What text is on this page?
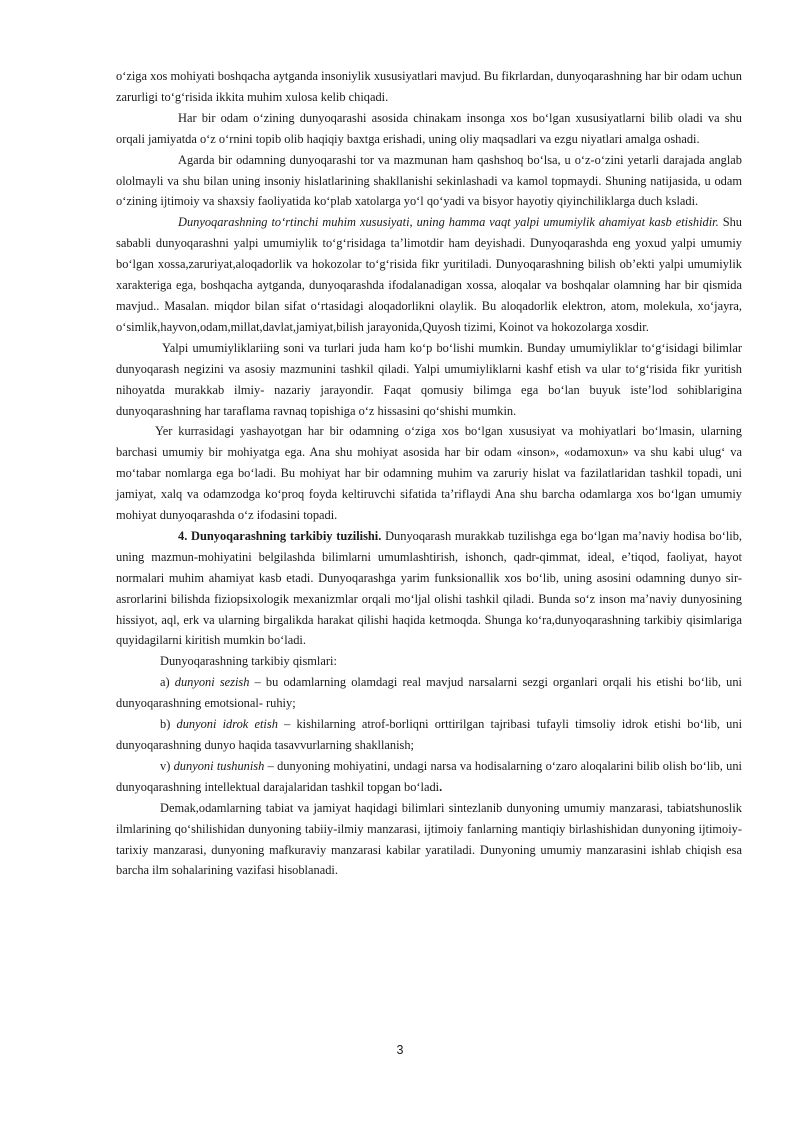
o‘ziga xos mohiyati boshqacha aytganda insoniylik xususiyatlari mavjud. Bu fikrlardan, dunyoqarashning har bir odam uchun zarurligi to‘g‘risida ikkita muhim xulosa kelib chiqadi.

Har bir odam o‘zining dunyoqarashi asosida chinakam insonga xos bo‘lgan xususiyatlarni bilib oladi va shu orqali jamiyatda o‘z o‘rnini topib olib haqiqiy baxtga erishadi, uning oliy maqsadlari va ezgu niyatlari amalga oshadi.

Agarda bir odamning dunyoqarashi tor va mazmunan ham qashshoq bo‘lsa, u o‘z-o‘zini yetarli darajada anglab ololmayli va shu bilan uning insoniy hislatlarining shakllanishi sekinlashadi va kamol topmaydi. Shuning natijasida, u odam o‘zining ijtimoiy va shaxsiy faoliyatida ko‘plab xatolarga yo‘l qo‘yadi va bisyor hayotiy qiyinchiliklarga duch ksladi.

Dunyoqarashning to‘rtinchi muhim xususiyati, uning hamma vaqt yalpi umumiylik ahamiyat kasb etishidir. Shu sababli dunyoqarashni yalpi umumiylik to‘g‘risidaga ta’limotdir ham deyishadi. Dunyoqarashda eng yoxud yalpi umumiy bo‘lgan xossa,zaruriyat,aloqadorlik va hokozolar to‘g‘risida fikr yuritiladi. Dunyoqarashning bilish ob’ekti yalpi umumiylik xarakteriga ega, boshqacha aytganda, dunyoqarashda ifodalanadigan xossa, aloqalar va boshqalar olamning har bir qismida mavjud.. Masalan. miqdor bilan sifat o‘rtasidagi aloqadorlikni olaylik. Bu aloqadorlik elektron, atom, molekula, xo‘jayra, o‘simlik,hayvon,odam,millat,davlat,jamiyat,bilish jarayonida,Quyosh tizimi, Koinot va hokozolarga xosdir.

Yalpi umumiyliklariing soni va turlari juda ham ko‘p bo‘lishi mumkin. Bunday umumiyliklar to‘g‘isidagi bilimlar dunyoqarash negizini va asosiy mazmunini tashkil qiladi. Yalpi umumiyliklarni kashf etish va ular to‘g‘risida fikr yuritish nihoyatda murakkab ilmiy- nazariy jarayondir. Faqat qomusiy bilimga ega bo‘lan buyuk iste’lod sohiblarigina dunyoqarashning har taraflama ravnaq topishiga o‘z hissasini qo‘shishi mumkin.

Yer kurrasidagi yashayotgan har bir odamning o‘ziga xos bo‘lgan xususiyat va mohiyatlari bo‘lmasin, ularning barchasi umumiy bir mohiyatga ega. Ana shu mohiyat asosida har bir odam «inson», «odamoxun» va shu kabi ulug‘ va mo‘tabar nomlarga ega bo‘ladi. Bu mohiyat har bir odamning muhim va zaruriy hislat va fazilatlaridan tashkil topadi, uni jamiyat, xalq va odamzodga ko‘proq foyda keltiruvchi sifatida ta’riflaydi Ana shu barcha odamlarga xos bo‘lgan umumiy mohiyat dunyoqarashda o‘z ifodasini topadi.

4. Dunyoqarashning tarkibiy tuzilishi. Dunyoqarash murakkab tuzilishga ega bo‘lgan ma’naviy hodisa bo‘lib, uning mazmun-mohiyatini belgilashda bilimlarni umumlashtirish, ishonch, qadr-qimmat, ideal, e’tiqod, faoliyat, hayot normalari muhim ahamiyat kasb etadi. Dunyoqarashga yarim funksionallik xos bo‘lib, uning asosini odamning dunyo sir-asrorlarini bilishda fiziopsixologik mexanizmlar orqali mo‘ljal olishi tashkil qiladi. Bunda so‘z inson ma’naviy dunyosining hissiyot, aql, erk va ularning birgalikda harakat qilishi haqida ketmoqda. Shunga ko‘ra,dunyoqarashning tarkibiy qisimlariga quyidagilarni kiritish mumkin bo‘ladi.

Dunyoqarashning tarkibiy qismlari:

a) dunyoni sezish – bu odamlarning olamdagi real mavjud narsalarni sezgi organlari orqali his etishi bo‘lib, uni dunyoqarashning emotsional- ruhiy;

b) dunyoni idrok etish – kishilarning atrof-borliqni orttirilgan tajribasi tufayli timsoliy idrok etishi bo‘lib, uni dunyoqarashning dunyo haqida tasavvurlarning shakllanish;

v) dunyoni tushunish – dunyoning mohiyatini, undagi narsa va hodisalarning o‘zaro aloqalarini bilib olish bo‘lib, uni dunyoqarashning intellektual darajalaridan tashkil topgan bo‘ladi.

Demak,odamlarning tabiat va jamiyat haqidagi bilimlari sintezlanib dunyoning umumiy manzarasi, tabiatshunoslik ilmlarining qo‘shilishidan dunyoning tabiiy-ilmiy manzarasi, ijtimoiy fanlarning mantiqiy birlashishidan dunyoning ijtimoiy-tarixiy manzarasi, dunyoning mafkuraviy manzarasi kabilar yaratiladi. Dunyoning umumiy manzarasini ishlab chiqish esa barcha ilm sohalarining vazifasi hisoblanadi.

3
